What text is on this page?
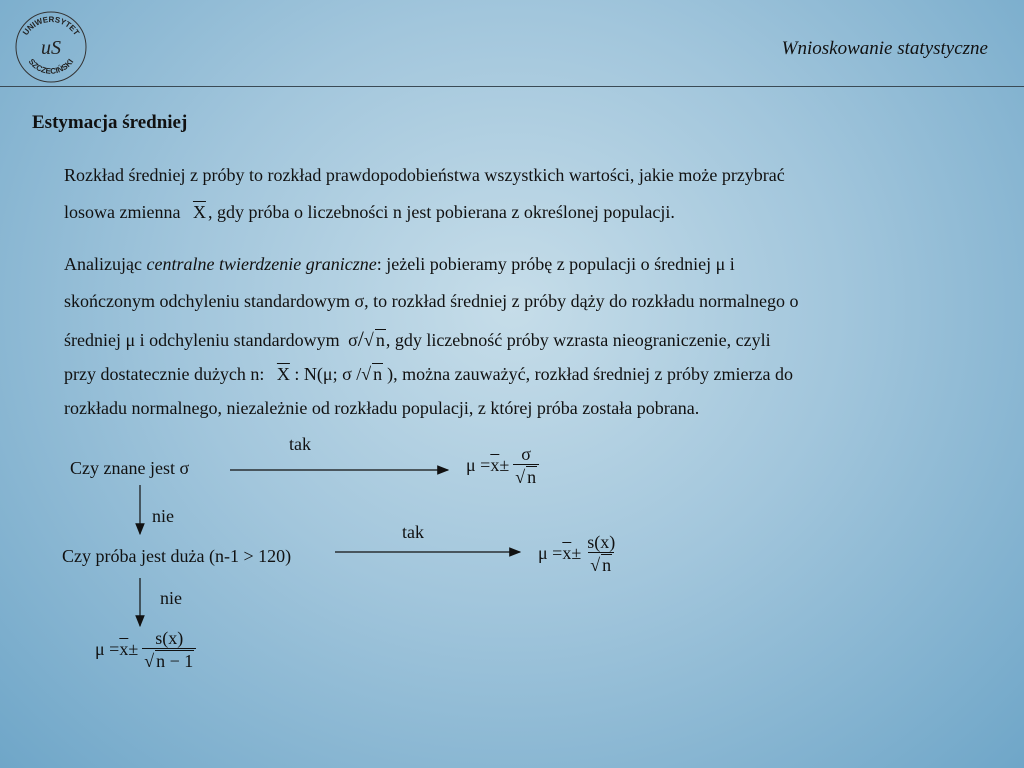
UNIWERSYTET
SZCZECIŃSKI
uS	Wnioskowanie statystyczne
Estymacja średniej
Rozkład średniej z próby to rozkład prawdopodobieństwa wszystkich wartości, jakie może przybrać
losowa zmienna $\overline{X}$ , gdy próba o liczebności n jest pobierana z określonej populacji.
Analizując centralne twierdzenie graniczne: jeżeli pobieramy próbę z populacji o średniej μ i
skończonym odchyleniu standardowym σ, to rozkład średniej z próby dąży do rozkładu normalnego o
średniej μ i odchyleniu standardowym σ/√ n, gdy liczebność próby wzrasta nieograniczenie, czyli
przy dostatecznie dużych n: $\overline{X}$ : N(μ; σ /√ n ), można zauważyć, rozkład średniej z próby zmierza do
rozkładu normalnego, niezależnie od rozkładu populacji, z której próba została pobrana.
Czy znane jest σ
Czy próba jest duża (n-1 > 120)
tak
tak
nie
nie
$\mu = \overline{x} \pm \frac{\sigma}{√ n}$
$\mu = \overline{x} \pm \frac{s(x)}{√ n}$
$\mu = \overline{x} \pm \frac{s(x)}{√ n - 1}$
